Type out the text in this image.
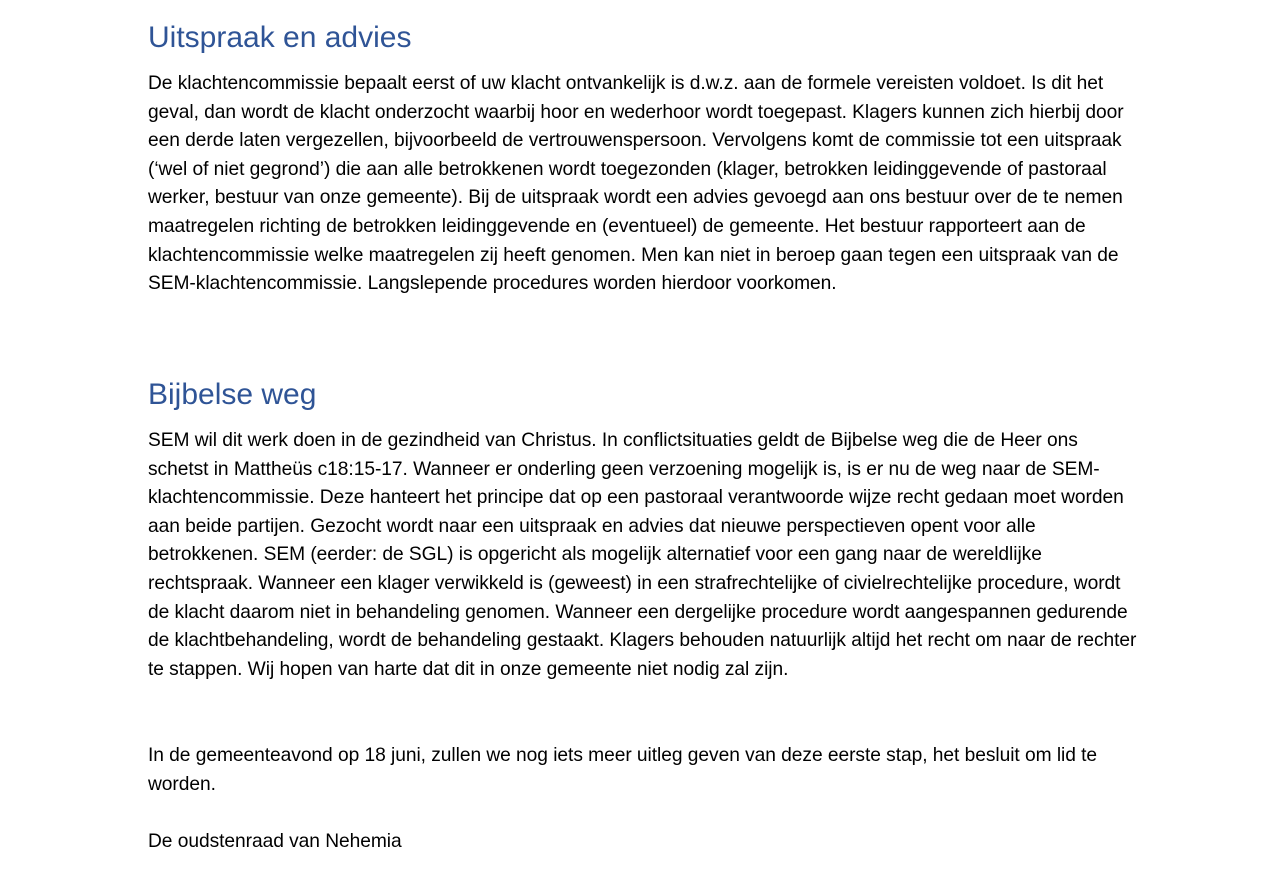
Uitspraak en advies

De klachtencommissie bepaalt eerst of uw klacht ontvankelijk is d.w.z. aan de formele vereisten voldoet. Is dit het geval, dan wordt de klacht onderzocht waarbij hoor en wederhoor wordt toegepast. Klagers kunnen zich hierbij door een derde laten vergezellen, bijvoorbeeld de vertrouwenspersoon. Vervolgens komt de commissie tot een uitspraak (‘wel of niet gegrond’) die aan alle betrokkenen wordt toegezonden (klager, betrokken leidinggevende of pastoraal werker, bestuur van onze gemeente). Bij de uitspraak wordt een advies gevoegd aan ons bestuur over de te nemen maatregelen richting de betrokken leidinggevende en (eventueel) de gemeente. Het bestuur rapporteert aan de klachtencommissie welke maatregelen zij heeft genomen. Men kan niet in beroep gaan tegen een uitspraak van de SEM-klachtencommissie. Langslepende procedures worden hierdoor voorkomen.

Bijbelse weg

SEM wil dit werk doen in de gezindheid van Christus. In conflictsituaties geldt de Bijbelse weg die de Heer ons schetst in Mattheüs c18:15-17. Wanneer er onderling geen verzoening mogelijk is, is er nu de weg naar de SEM-klachtencommissie. Deze hanteert het principe dat op een pastoraal verantwoorde wijze recht gedaan moet worden aan beide partijen. Gezocht wordt naar een uitspraak en advies dat nieuwe perspectieven opent voor alle betrokkenen. SEM (eerder: de SGL) is opgericht als mogelijk alternatief voor een gang naar de wereldlijke rechtspraak. Wanneer een klager verwikkeld is (geweest) in een strafrechtelijke of civielrechtelijke procedure, wordt de klacht daarom niet in behandeling genomen. Wanneer een dergelijke procedure wordt aangespannen gedurende de klachtbehandeling, wordt de behandeling gestaakt. Klagers behouden natuurlijk altijd het recht om naar de rechter te stappen. Wij hopen van harte dat dit in onze gemeente niet nodig zal zijn.

In de gemeenteavond op 18 juni, zullen we nog iets meer uitleg geven van deze eerste stap, het besluit om lid te worden.

De oudstenraad van Nehemia
